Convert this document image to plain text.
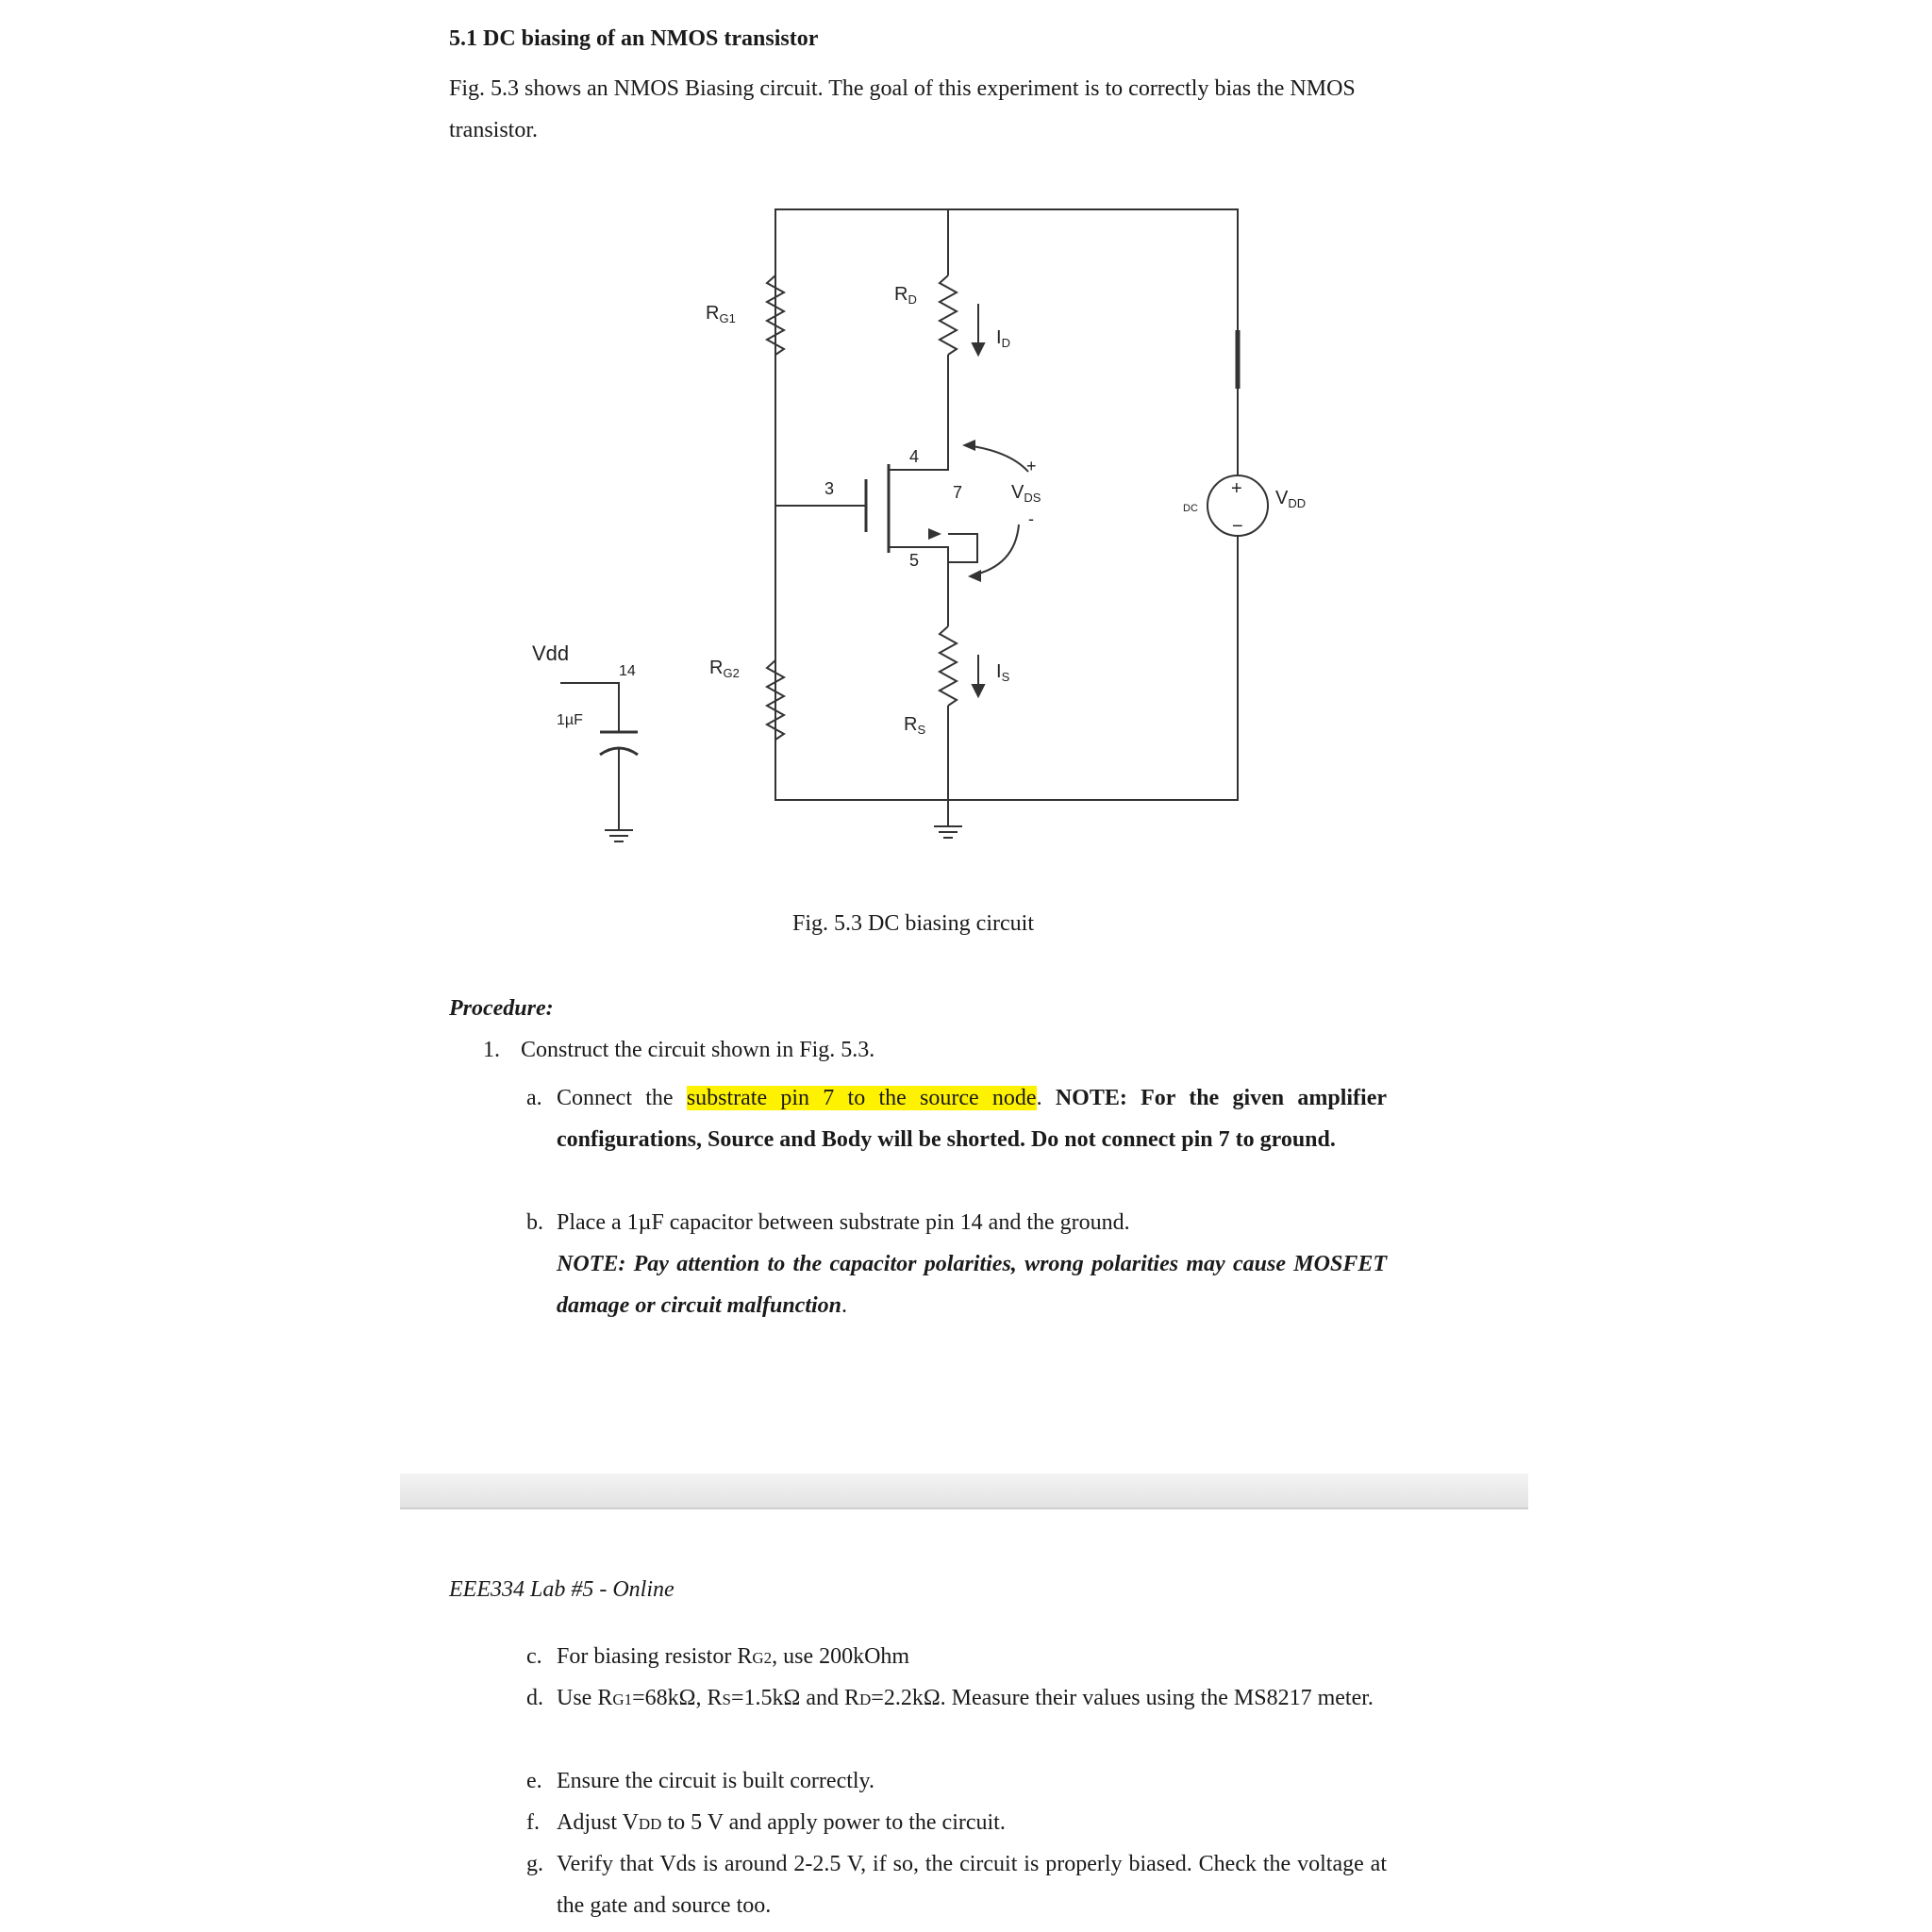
5.1 DC biasing of an NMOS transistor
Fig. 5.3 shows an NMOS Biasing circuit. The goal of this experiment is to correctly bias the NMOS transistor.
$R_{G1}$
$R_D$
$I_D$
3
4
7
5
$V_{DS}$
+
-
DC
+
−
$V_{DD}$
Vdd
14
1µF
$R_{G2}$	$I_S$
$R_S$
Fig. 5.3 DC biasing circuit
Procedure:
1. Construct the circuit shown in Fig. 5.3.
a. Connect the substrate pin 7 to the source node. NOTE: For the given amplifier configurations, Source and Body will be shorted. Do not connect pin 7 to ground.
b. Place a 1µF capacitor between substrate pin 14 and the ground.
NOTE: Pay attention to the capacitor polarities, wrong polarities may cause MOSFET damage or circuit malfunction.
EEE334 Lab #5 - Online
c. For biasing resistor RG2, use 200kOhm
d. Use RG1=68kΩ, RS=1.5kΩ and RD=2.2kΩ. Measure their values using the MS8217 meter.
e. Ensure the circuit is built correctly.
f. Adjust VDD to 5 V and apply power to the circuit.
g. Verify that Vds is around 2-2.5 V, if so, the circuit is properly biased. Check the voltage at the gate and source too.
